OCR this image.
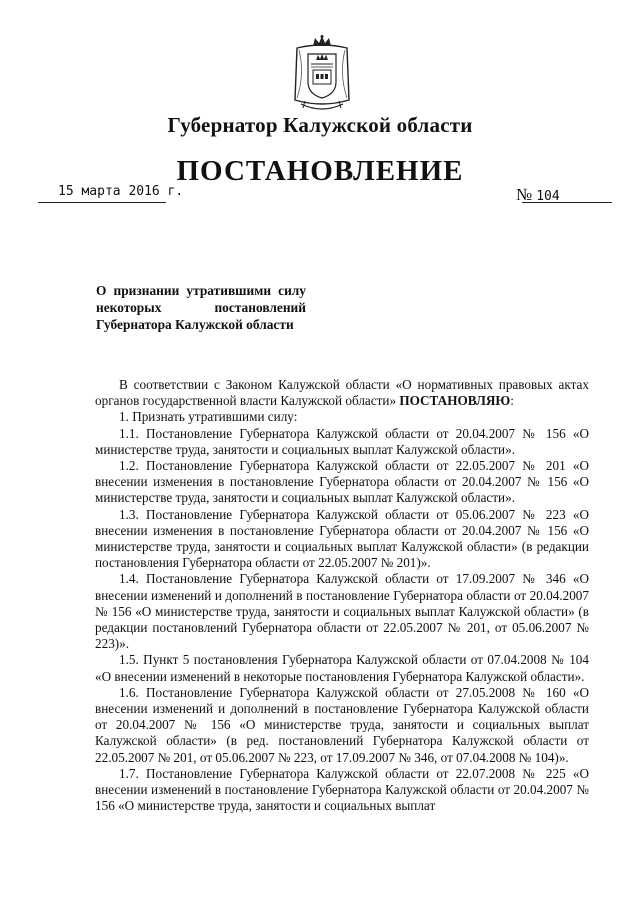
Губернатор Калужской области
ПОСТАНОВЛЕНИЕ
15 марта 2016 г.	№ 104
О признании утратившими силу
некоторых постановлений
Губернатора Калужской области

В соответствии с Законом Калужской области «О нормативных правовых актах органов государственной власти Калужской области» ПОСТАНОВЛЯЮ:

1. Признать утратившими силу:

1.1. Постановление Губернатора Калужской области от 20.04.2007 № 156 «О министерстве труда, занятости и социальных выплат Калужской области».

1.2. Постановление Губернатора Калужской области от 22.05.2007 № 201 «О внесении изменения в постановление Губернатора области от 20.04.2007 № 156 «О министерстве труда, занятости и социальных выплат Калужской области».

1.3. Постановление Губернатора Калужской области от 05.06.2007 № 223 «О внесении изменения в постановление Губернатора области от 20.04.2007 № 156 «О министерстве труда, занятости и социальных выплат Калужской области» (в редакции постановления Губернатора области от 22.05.2007 № 201)».

1.4. Постановление Губернатора Калужской области от 17.09.2007 № 346 «О внесении изменений и дополнений в постановление Губернатора области от 20.04.2007 № 156 «О министерстве труда, занятости и социальных выплат Калужской области» (в редакции постановлений Губернатора области от 22.05.2007 № 201, от 05.06.2007 № 223)».

1.5. Пункт 5 постановления Губернатора Калужской области от 07.04.2008 № 104 «О внесении изменений в некоторые постановления Губернатора Калужской области».

1.6. Постановление Губернатора Калужской области от 27.05.2008 № 160 «О внесении изменений и дополнений в постановление Губернатора Калужской области от 20.04.2007 № 156 «О министерстве труда, занятости и социальных выплат Калужской области» (в ред. постановлений Губернатора Калужской области от 22.05.2007 № 201, от 05.06.2007 № 223, от 17.09.2007 № 346, от 07.04.2008 № 104)».

1.7. Постановление Губернатора Калужской области от 22.07.2008 № 225 «О внесении изменений в постановление Губернатора Калужской области от 20.04.2007 № 156 «О министерстве труда, занятости и социальных выплат
